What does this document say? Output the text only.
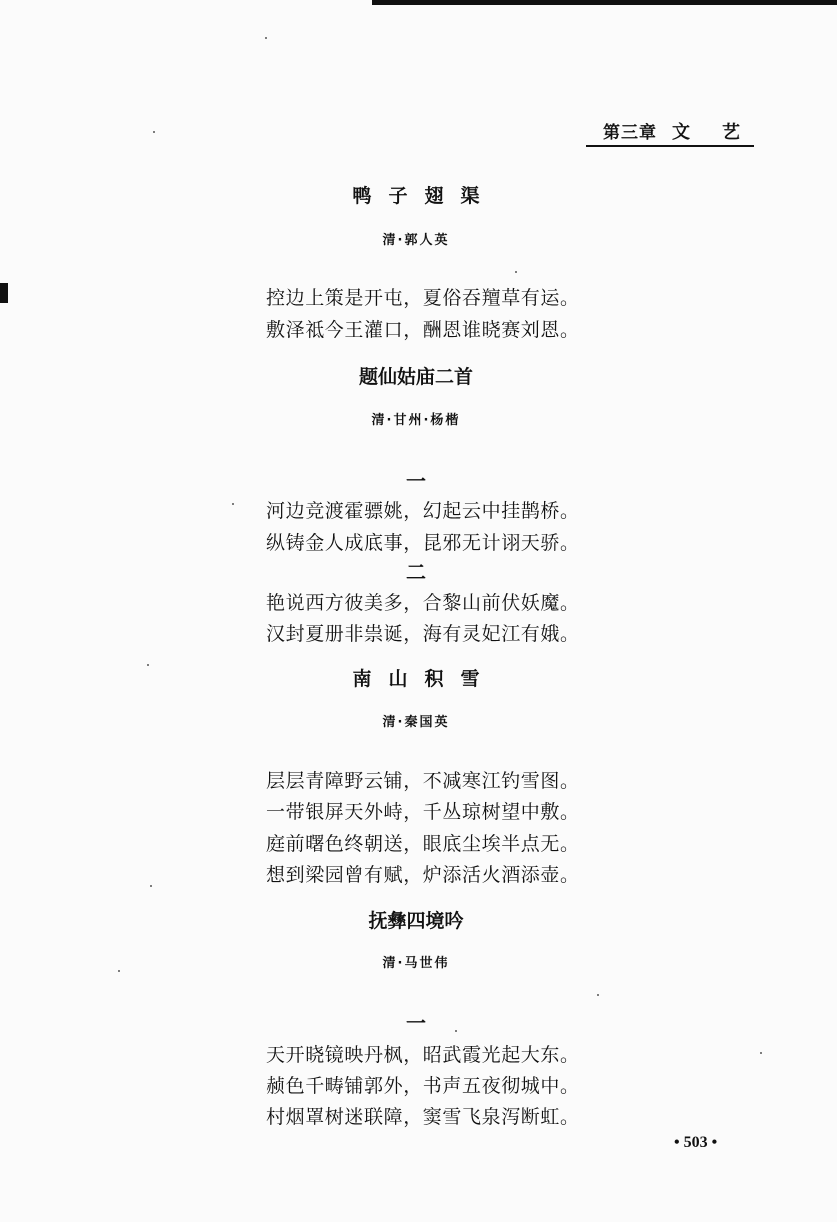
第三章 文艺
鸭子翅渠
清·郭人英
控边上策是开屯，夏俗吞羶草有运。
敷泽祗今王灌口，酬恩谁晓赛刘恩。
题仙姑庙二首
清·甘州·杨楷
一
河边竞渡霍骠姚，幻起云中挂鹊桥。
纵铸金人成底事，昆邪无计诩天骄。
二
艳说西方彼美多，合黎山前伏妖魔。
汉封夏册非祟诞，海有灵妃江有娥。
南山积雪
清·秦国英
层层青障野云铺，不减寒江钓雪图。
一带银屏天外峙，千丛琼树望中敷。
庭前曙色终朝送，眼底尘埃半点无。
想到梁园曾有赋，炉添活火酒添壶。
抚彝四境吟
清·马世伟
一
天开晓镜映丹枫，昭武霞光起大东。
赪色千畴铺郭外，书声五夜彻城中。
村烟罩树迷联障，窦雪飞泉泻断虹。
• 503 •
